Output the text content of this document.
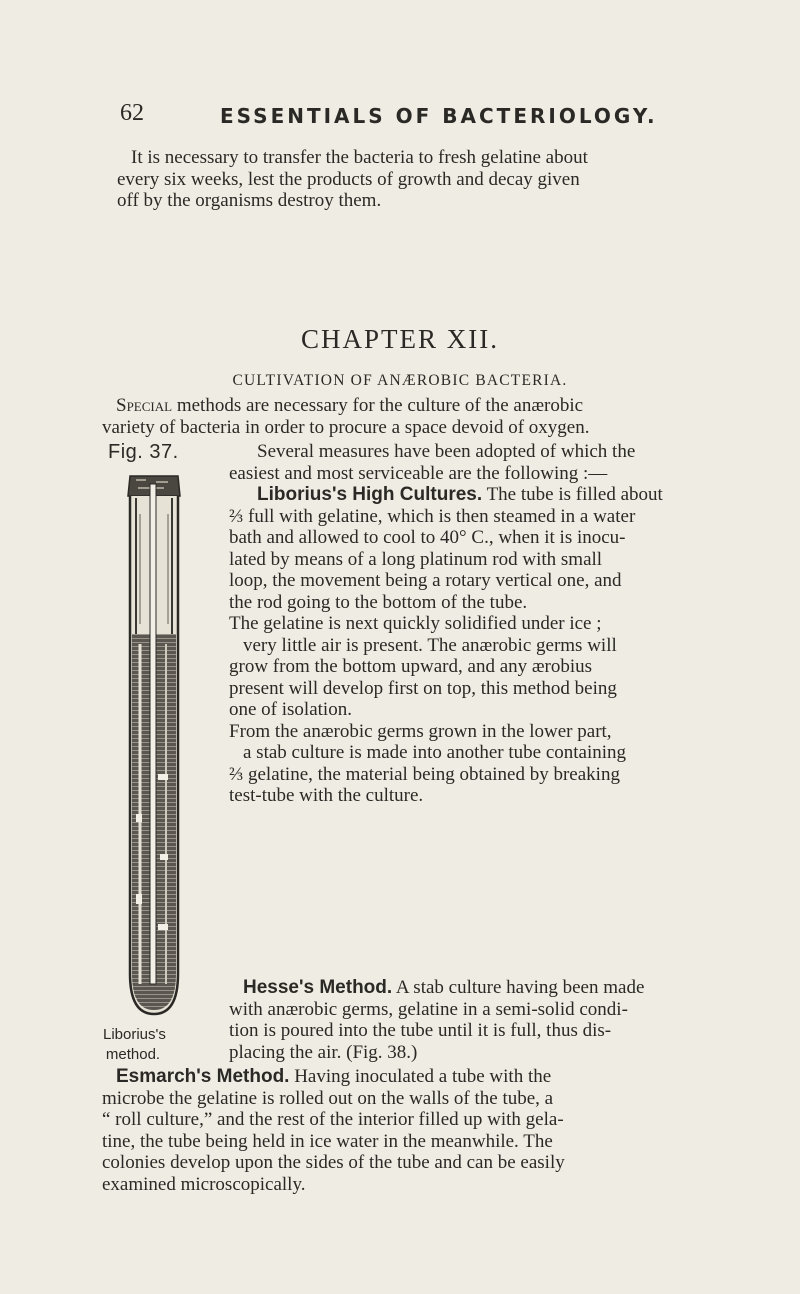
62	ESSENTIALS OF BACTERIOLOGY.
It is necessary to transfer the bacteria to fresh gelatine about
every six weeks, lest the products of growth and decay given
off by the organisms destroy them.
CHAPTER XII.
CULTIVATION OF ANÆROBIC BACTERIA.
Special methods are necessary for the culture of the anærobic
variety of bacteria in order to procure a space devoid of oxygen.
Fig. 37.	Several measures have been adopted of which the
easiest and most serviceable are the following :—
Liborius's High Cultures. The tube is filled about
⅔ full with gelatine, which is then steamed in a water
bath and allowed to cool to 40° C., when it is inocu-
lated by means of a long platinum rod with small
loop, the movement being a rotary vertical one, and
the rod going to the bottom of the tube.
The gelatine is next quickly solidified under ice ;
very little air is present. The anærobic germs will
grow from the bottom upward, and any ærobius
present will develop first on top, this method being
one of isolation.
From the anærobic germs grown in the lower part,
a stab culture is made into another tube containing
⅔ gelatine, the material being obtained by breaking
test-tube with the culture.
Hesse's Method. A stab culture having been made
with anærobic germs, gelatine in a semi-solid condi-
tion is poured into the tube until it is full, thus dis-
placing the air. (Fig. 38.)
Liborius's
method.
Esmarch's Method. Having inoculated a tube with the
microbe the gelatine is rolled out on the walls of the tube, a
“ roll culture,” and the rest of the interior filled up with gela-
tine, the tube being held in ice water in the meanwhile. The
colonies develop upon the sides of the tube and can be easily
examined microscopically.
